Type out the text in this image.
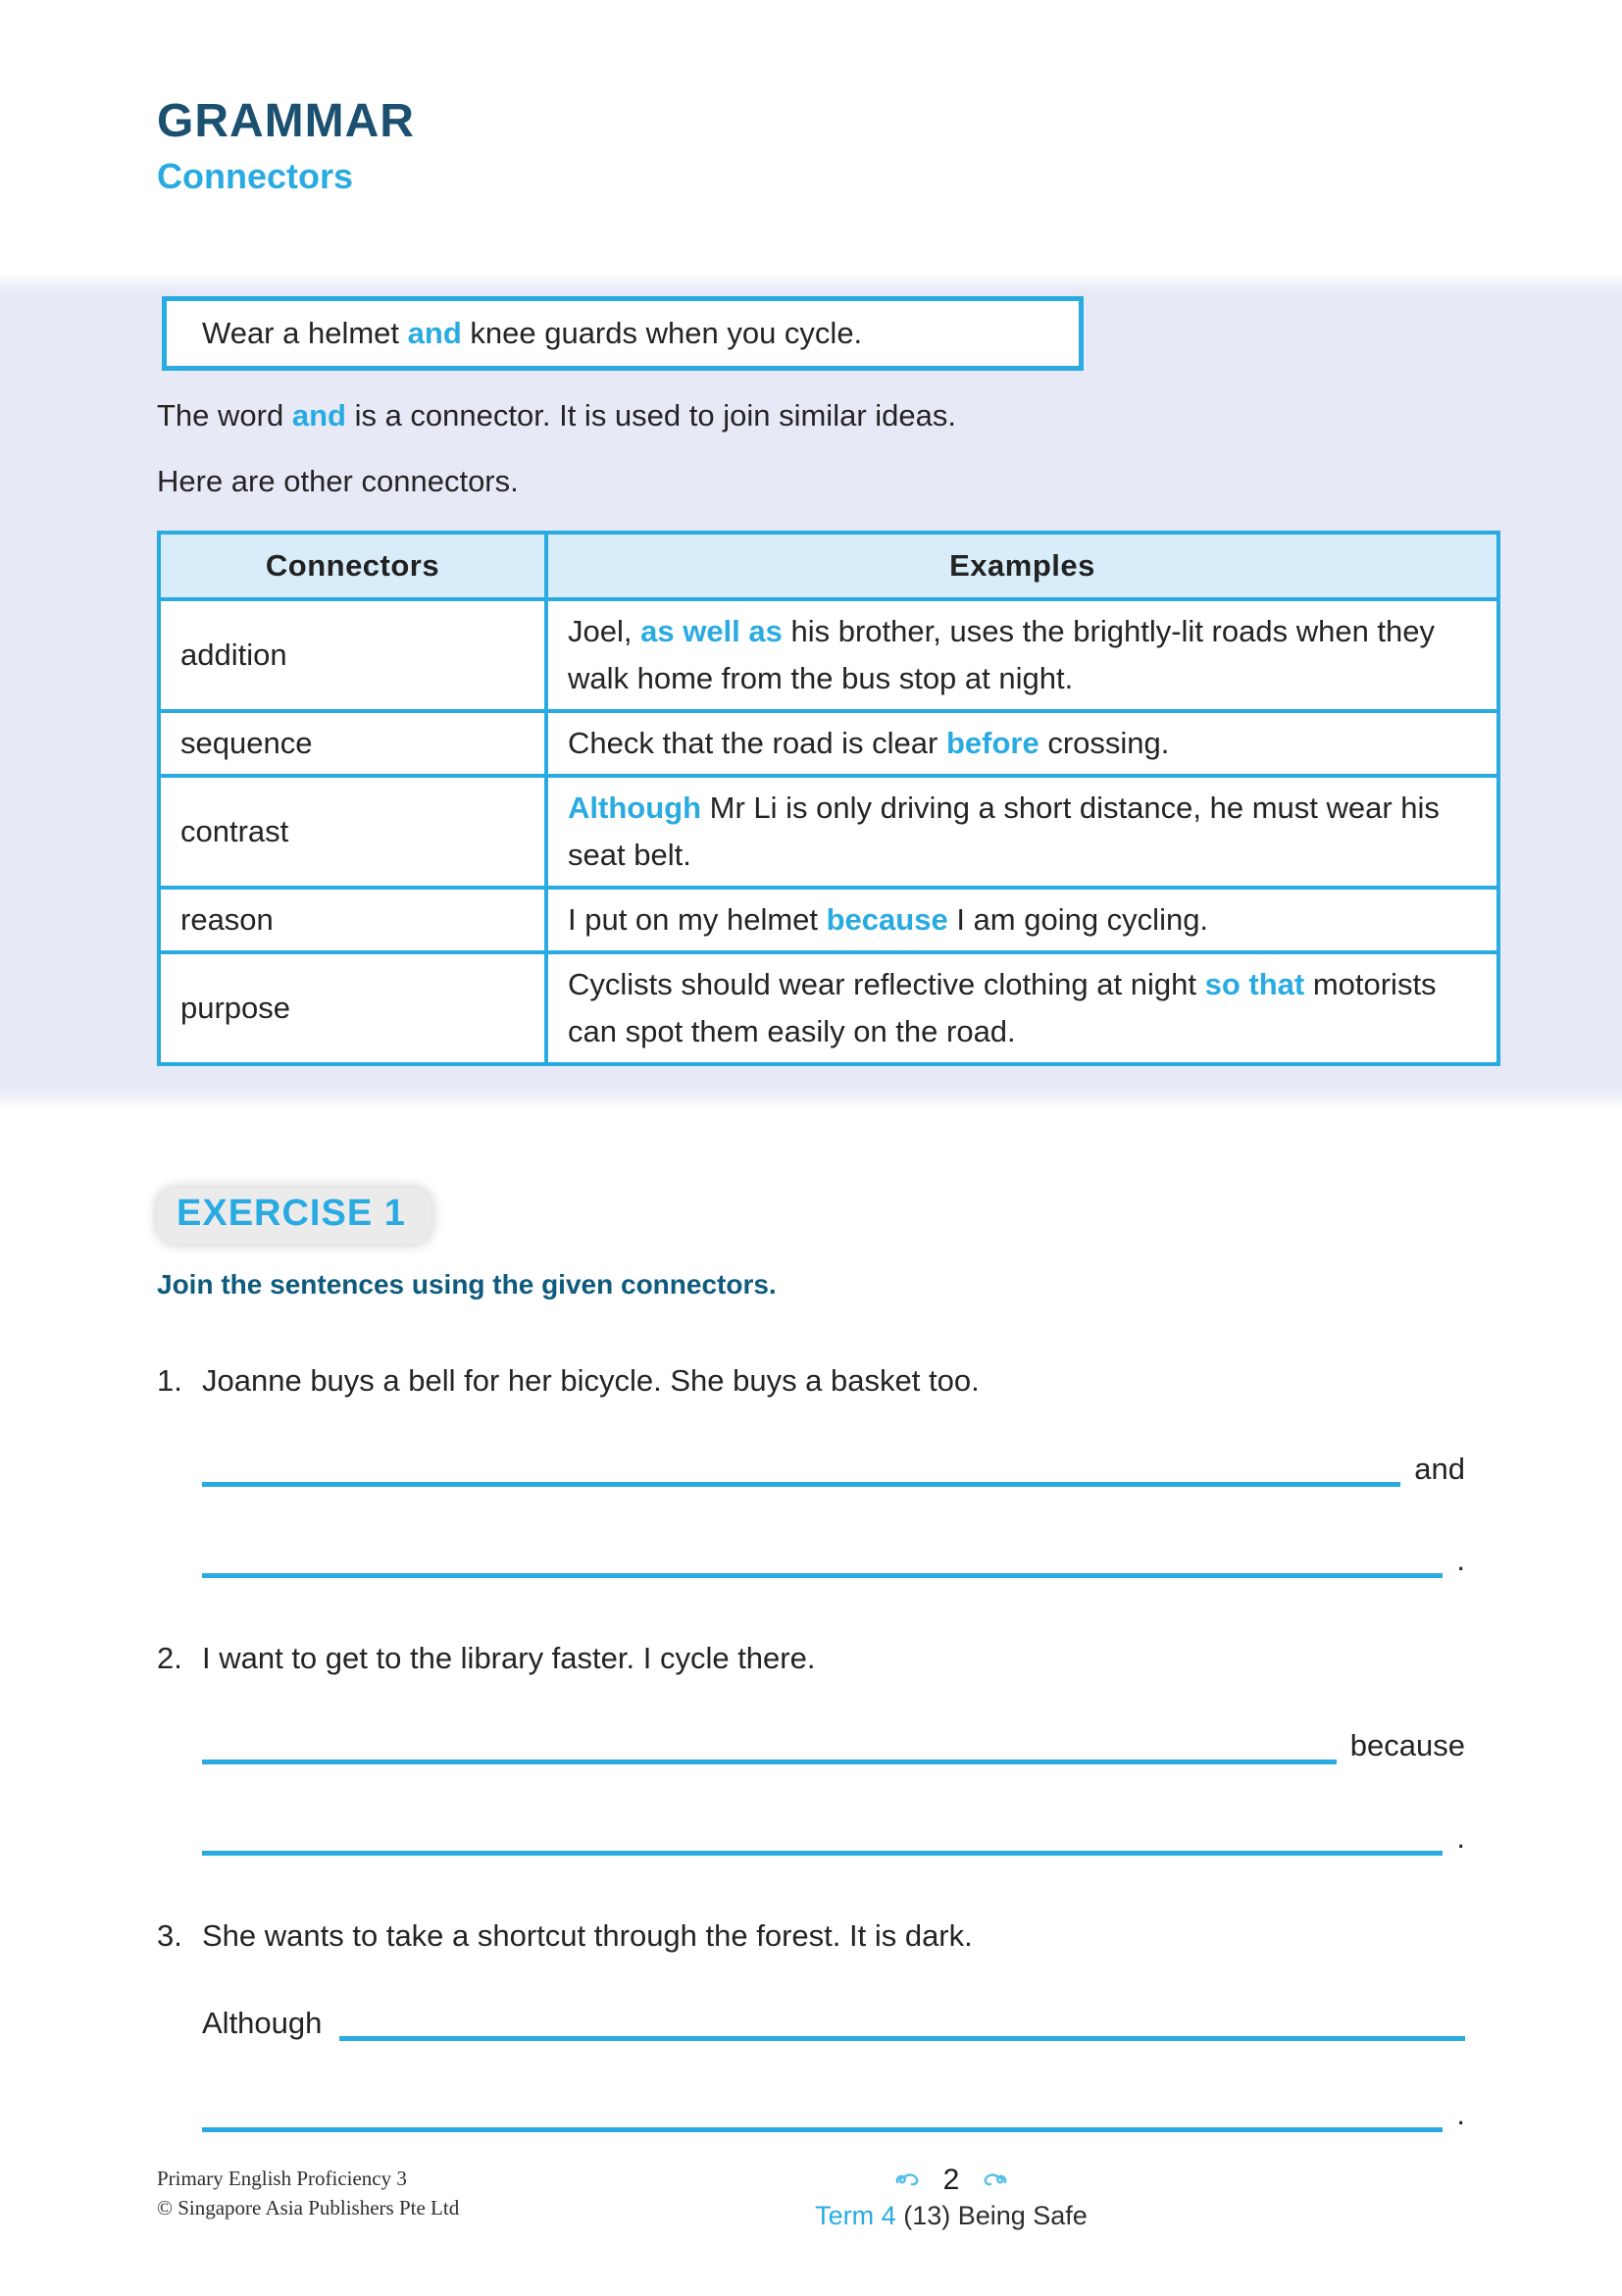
GRAMMAR
Connectors
Wear a helmet and knee guards when you cycle.

The word and is a connector. It is used to join similar ideas.

Here are other connectors.

Connectors	Examples
addition	Joel, as well as his brother, uses the brightly-lit roads when they walk home from the bus stop at night.
sequence	Check that the road is clear before crossing.
contrast	Although Mr Li is only driving a short distance, he must wear his seat belt.
reason	I put on my helmet because I am going cycling.
purpose	Cyclists should wear reflective clothing at night so that motorists can spot them easily on the road.
EXERCISE 1
Join the sentences using the given connectors.
1. Joanne buys a bell for her bicycle. She buys a basket too.
and
.
2. I want to get to the library faster. I cycle there.
because
.
3. She wants to take a shortcut through the forest. It is dark.
Although
.
Primary English Proficiency 3
© Singapore Asia Publishers Pte Ltd
2
Term 4 (13) Being Safe
